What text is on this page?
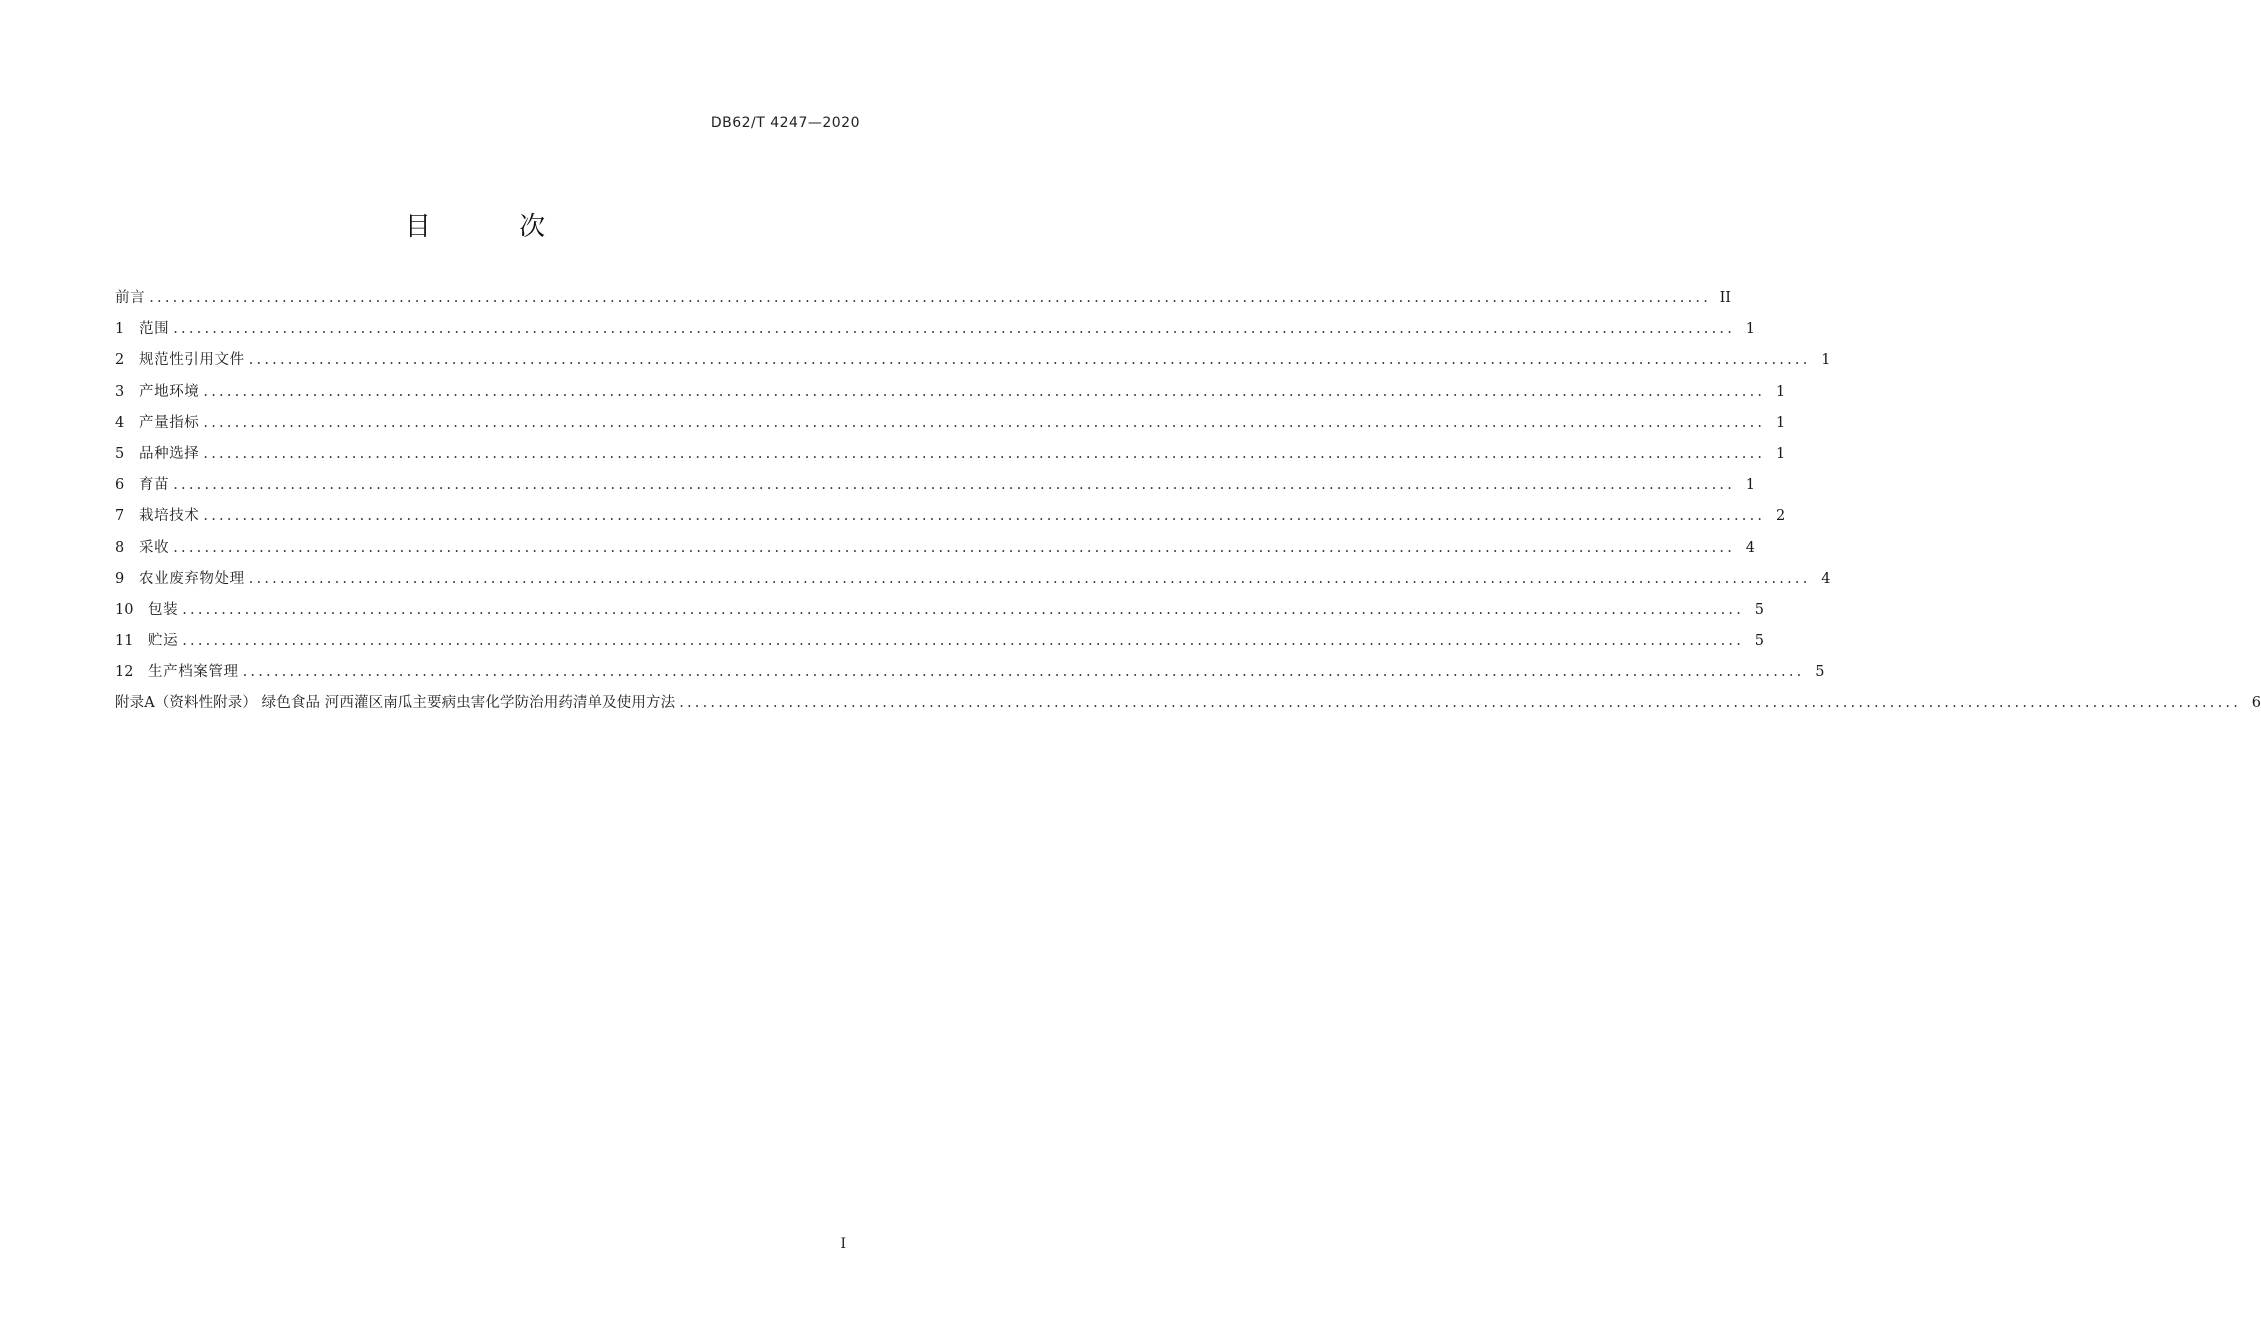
DB62/T 4247—2020
目 次
前言 ........................................................................................................................................................................................................ II
1	范围 ........................................................................................................................................................................................................ 1
2	规范性引用文件 ........................................................................................................................................................................................................ 1
3	产地环境 ........................................................................................................................................................................................................ 1
4	产量指标 ........................................................................................................................................................................................................ 1
5	品种选择 ........................................................................................................................................................................................................ 1
6	育苗 ........................................................................................................................................................................................................ 1
7	栽培技术 ........................................................................................................................................................................................................ 2
8	采收 ........................................................................................................................................................................................................ 4
9	农业废弃物处理 ........................................................................................................................................................................................................ 4
10	包装 ........................................................................................................................................................................................................ 5
11	贮运 ........................................................................................................................................................................................................ 5
12	生产档案管理 ........................................................................................................................................................................................................ 5
附录A（资料性附录） 绿色食品 河西灌区南瓜主要病虫害化学防治用药清单及使用方法 ........................................................................................................................................................................................................ 6
I
